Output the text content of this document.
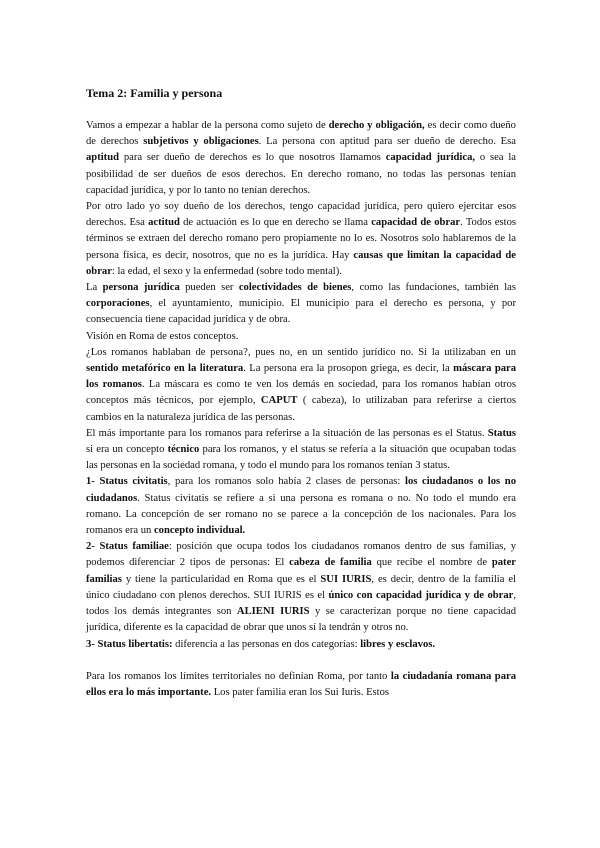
Tema 2: Familia y persona

Vamos a empezar a hablar de la persona como sujeto de derecho y obligación, es decir como dueño de derechos subjetivos y obligaciones. La persona con aptitud para ser dueño de derecho. Esa aptitud para ser dueño de derechos es lo que nosotros llamamos capacidad jurídica, o sea la posibilidad de ser dueños de esos derechos. En derecho romano, no todas las personas tenían capacidad jurídica, y por lo tanto no tenían derechos.

Por otro lado yo soy dueño de los derechos, tengo capacidad jurídica, pero quiero ejercitar esos derechos. Esa actitud de actuación es lo que en derecho se llama capacidad de obrar. Todos estos términos se extraen del derecho romano pero propiamente no lo es. Nosotros solo hablaremos de la persona física, es decir, nosotros, que no es la jurídica. Hay causas que limitan la capacidad de obrar: la edad, el sexo y la enfermedad (sobre todo mental).

La persona jurídica pueden ser colectividades de bienes, como las fundaciones, también las corporaciones, el ayuntamiento, municipio. El municipio para el derecho es persona, y por consecuencia tiene capacidad jurídica y de obra.

Visión en Roma de estos conceptos.

¿Los romanos hablaban de persona?, pues no, en un sentido jurídico no. Si la utilizaban en un sentido metafórico en la literatura. La persona era la prosopon griega, es decir, la máscara para los romanos. La máscara es como te ven los demás en sociedad, para los romanos habían otros conceptos más técnicos, por ejemplo, CAPUT ( cabeza), lo utilizaban para referirse a ciertos cambios en la naturaleza jurídica de las personas.

El más importante para los romanos para referirse a la situación de las personas es el Status. Status si era un concepto técnico para los romanos, y el status se refería a la situación que ocupaban todas las personas en la sociedad romana, y todo el mundo para los romanos tenían 3 status.

1- Status civitatis, para los romanos solo había 2 clases de personas: los ciudadanos o los no ciudadanos. Status civitatis se refiere a si una persona es romana o no. No todo el mundo era romano. La concepción de ser romano no se parece a la concepción de los nacionales. Para los romanos era un concepto individual.

2- Status familiae: posición que ocupa todos los ciudadanos romanos dentro de sus familias, y podemos diferenciar 2 tipos de personas: El cabeza de familia que recibe el nombre de pater familias y tiene la particularidad en Roma que es el SUI IURIS, es decir, dentro de la familia el único ciudadano con plenos derechos. SUI IURIS es el único con capacidad jurídica y de obrar, todos los demás integrantes son ALIENI IURIS y se caracterizan porque no tiene capacidad jurídica, diferente es la capacidad de obrar que unos sí la tendrán y otros no.

3- Status libertatis: diferencia a las personas en dos categorías: libres y esclavos.

Para los romanos los límites territoriales no definían Roma, por tanto la ciudadanía romana para ellos era lo más importante. Los pater familia eran los Sui Iuris. Estos
